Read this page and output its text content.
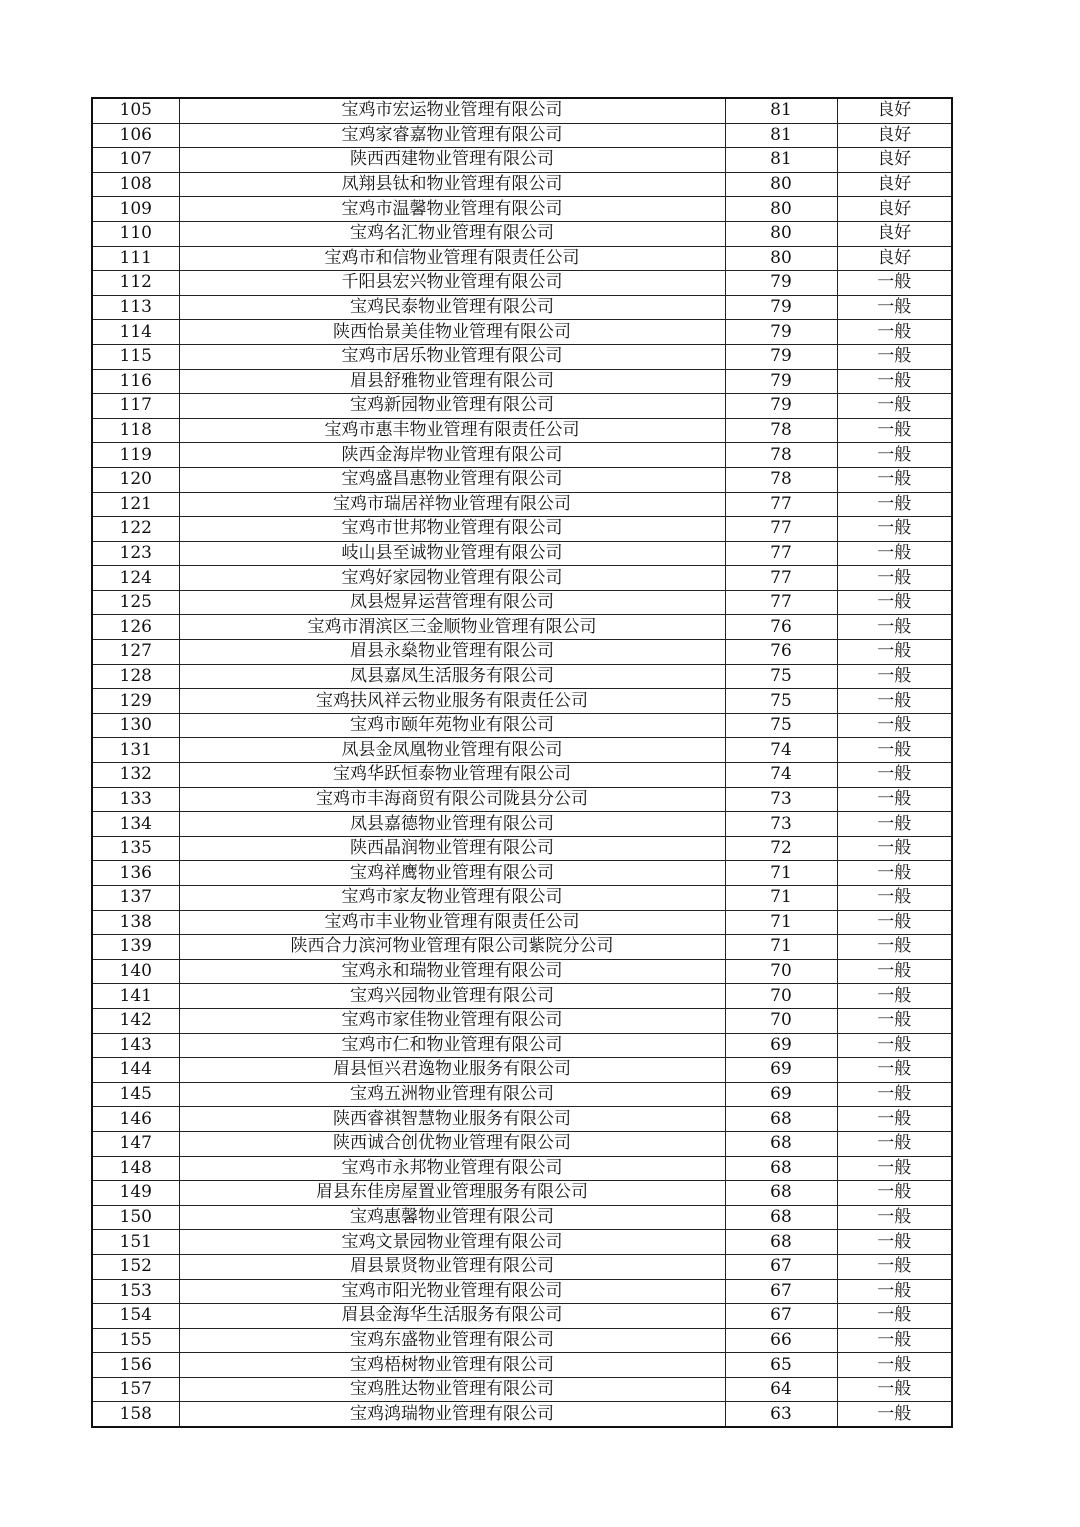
105	宝鸡市宏运物业管理有限公司	81	良好
106	宝鸡家睿嘉物业管理有限公司	81	良好
107	陕西西建物业管理有限公司	81	良好
108	凤翔县钛和物业管理有限公司	80	良好
109	宝鸡市温馨物业管理有限公司	80	良好
110	宝鸡名汇物业管理有限公司	80	良好
111	宝鸡市和信物业管理有限责任公司	80	良好
112	千阳县宏兴物业管理有限公司	79	一般
113	宝鸡民泰物业管理有限公司	79	一般
114	陕西怡景美佳物业管理有限公司	79	一般
115	宝鸡市居乐物业管理有限公司	79	一般
116	眉县舒雅物业管理有限公司	79	一般
117	宝鸡新园物业管理有限公司	79	一般
118	宝鸡市惠丰物业管理有限责任公司	78	一般
119	陕西金海岸物业管理有限公司	78	一般
120	宝鸡盛昌惠物业管理有限公司	78	一般
121	宝鸡市瑞居祥物业管理有限公司	77	一般
122	宝鸡市世邦物业管理有限公司	77	一般
123	岐山县至诚物业管理有限公司	77	一般
124	宝鸡好家园物业管理有限公司	77	一般
125	凤县煜昇运营管理有限公司	77	一般
126	宝鸡市渭滨区三金顺物业管理有限公司	76	一般
127	眉县永燊物业管理有限公司	76	一般
128	凤县嘉凤生活服务有限公司	75	一般
129	宝鸡扶风祥云物业服务有限责任公司	75	一般
130	宝鸡市颐年苑物业有限公司	75	一般
131	凤县金凤凰物业管理有限公司	74	一般
132	宝鸡华跃恒泰物业管理有限公司	74	一般
133	宝鸡市丰海商贸有限公司陇县分公司	73	一般
134	凤县嘉德物业管理有限公司	73	一般
135	陕西晶润物业管理有限公司	72	一般
136	宝鸡祥鹰物业管理有限公司	71	一般
137	宝鸡市家友物业管理有限公司	71	一般
138	宝鸡市丰业物业管理有限责任公司	71	一般
139	陕西合力滨河物业管理有限公司紫院分公司	71	一般
140	宝鸡永和瑞物业管理有限公司	70	一般
141	宝鸡兴园物业管理有限公司	70	一般
142	宝鸡市家佳物业管理有限公司	70	一般
143	宝鸡市仁和物业管理有限公司	69	一般
144	眉县恒兴君逸物业服务有限公司	69	一般
145	宝鸡五洲物业管理有限公司	69	一般
146	陕西睿祺智慧物业服务有限公司	68	一般
147	陕西诚合创优物业管理有限公司	68	一般
148	宝鸡市永邦物业管理有限公司	68	一般
149	眉县东佳房屋置业管理服务有限公司	68	一般
150	宝鸡惠馨物业管理有限公司	68	一般
151	宝鸡文景园物业管理有限公司	68	一般
152	眉县景贤物业管理有限公司	67	一般
153	宝鸡市阳光物业管理有限公司	67	一般
154	眉县金海华生活服务有限公司	67	一般
155	宝鸡东盛物业管理有限公司	66	一般
156	宝鸡梧树物业管理有限公司	65	一般
157	宝鸡胜达物业管理有限公司	64	一般
158	宝鸡鸿瑞物业管理有限公司	63	一般
